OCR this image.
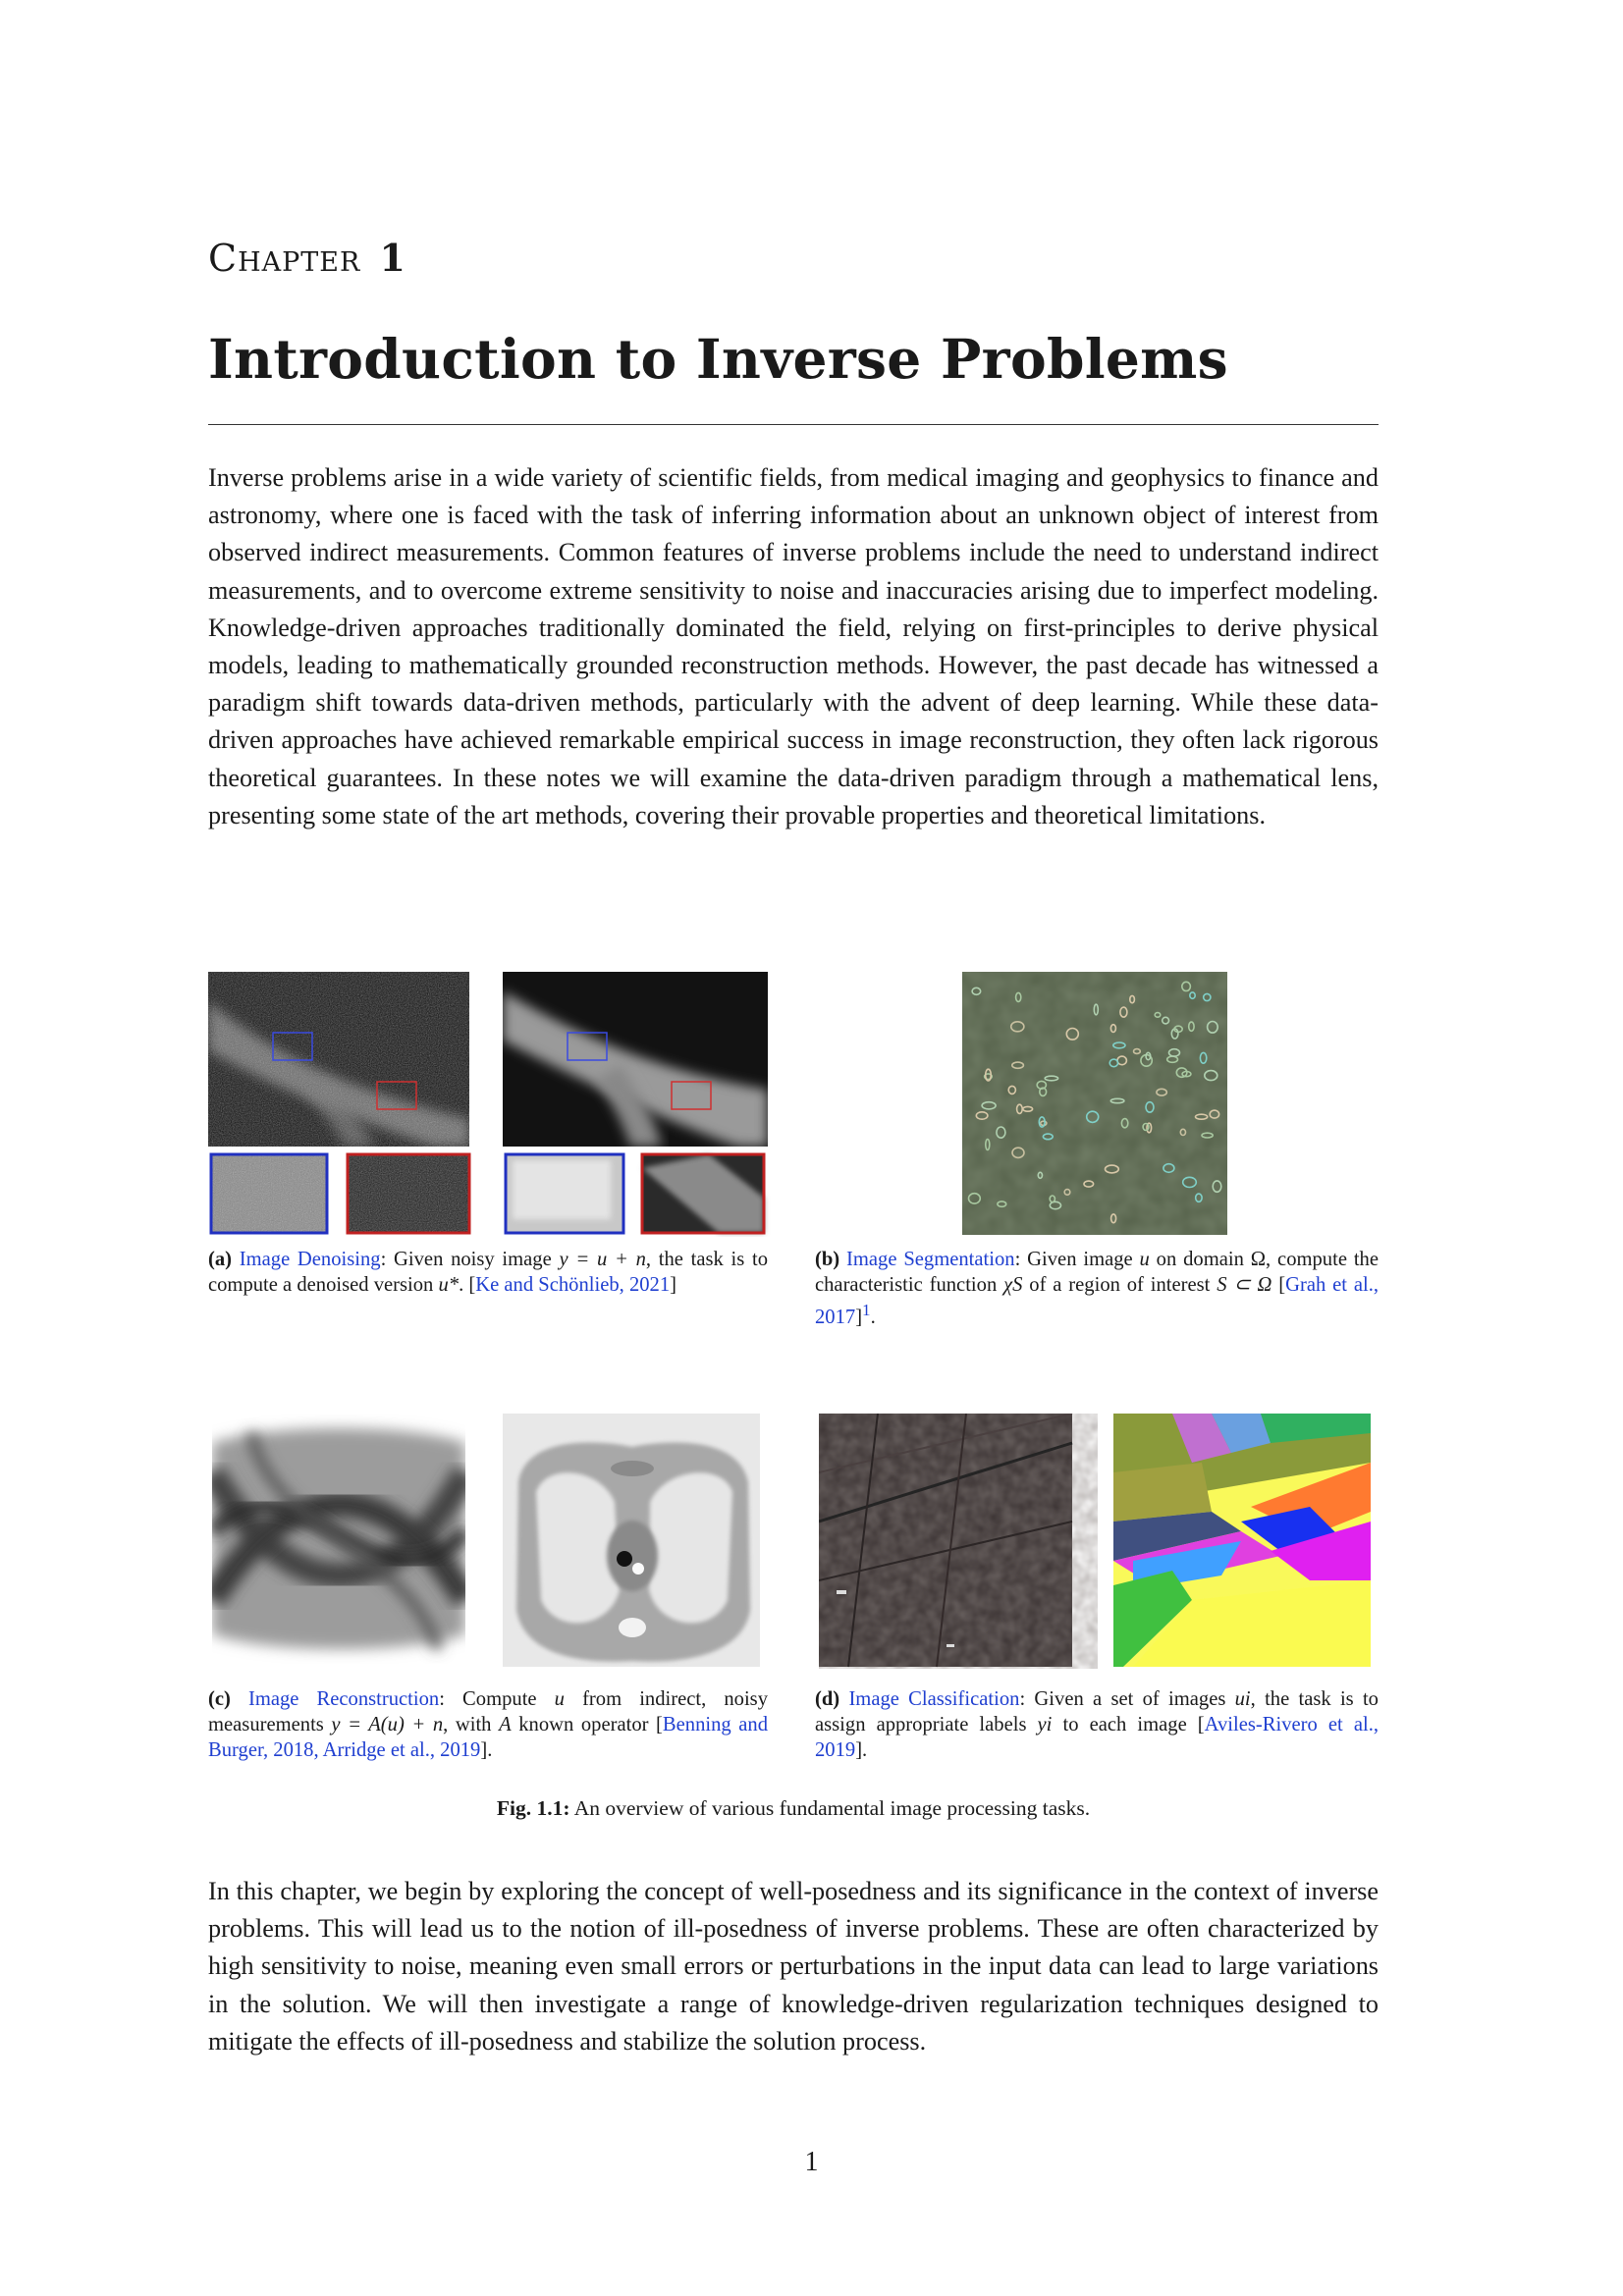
Chapter 1
Introduction to Inverse Problems
Inverse problems arise in a wide variety of scientific fields, from medical imaging and geophysics to finance and astronomy, where one is faced with the task of inferring information about an unknown object of interest from observed indirect measurements. Common features of inverse problems include the need to understand indirect measurements, and to overcome extreme sensitivity to noise and inaccuracies arising due to imperfect modeling. Knowledge-driven approaches traditionally dominated the field, relying on first-principles to derive physical models, leading to mathematically grounded reconstruction methods. However, the past decade has witnessed a paradigm shift towards data-driven methods, particularly with the advent of deep learning. While these data-driven approaches have achieved remarkable empirical success in image reconstruction, they often lack rigorous theoretical guarantees. In these notes we will examine the data-driven paradigm through a mathematical lens, presenting some state of the art methods, covering their provable properties and theoretical limitations.
(a) Image Denoising: Given noisy image y = u + n, the task is to compute a denoised version u*. [Ke and Schönlieb, 2021]
(b) Image Segmentation: Given image u on domain Ω, compute the characteristic function χS of a region of interest S ⊂ Ω [Grah et al., 2017]$^1$.
(c) Image Reconstruction: Compute u from indirect, noisy measurements y = A(u) + n, with A known operator [Benning and Burger, 2018, Arridge et al., 2019].
(d) Image Classification: Given a set of images ui, the task is to assign appropriate labels yi to each image [Aviles-Rivero et al., 2019].
Fig. 1.1: An overview of various fundamental image processing tasks.
In this chapter, we begin by exploring the concept of well-posedness and its significance in the context of inverse problems. This will lead us to the notion of ill-posedness of inverse problems. These are often characterized by high sensitivity to noise, meaning even small errors or perturbations in the input data can lead to large variations in the solution. We will then investigate a range of knowledge-driven regularization techniques designed to mitigate the effects of ill-posedness and stabilize the solution process.
1
